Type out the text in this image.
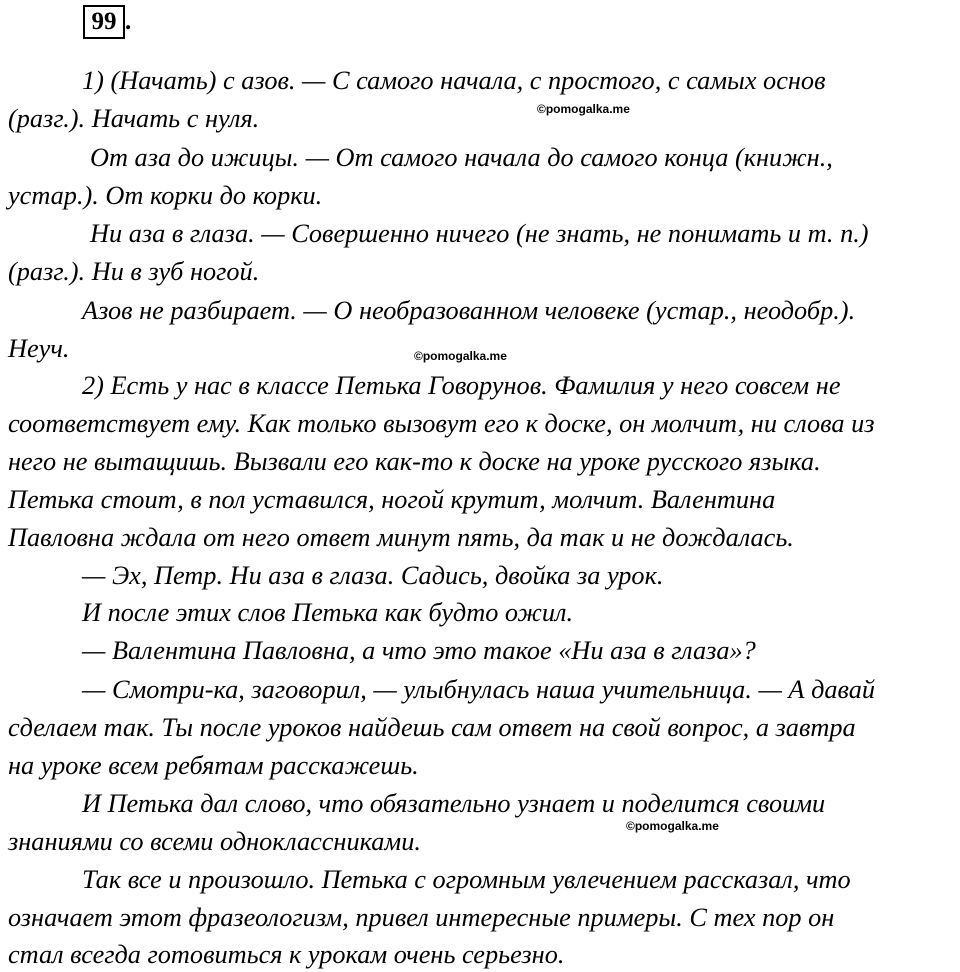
99 .
1) (Начать) с азов. — С самого начала, с простого, с самых основ
(разг.). Начать с нуля.
От аза до ижицы. — От самого начала до самого конца (книжн.,
устар.). От корки до корки.
Ни аза в глаза. — Совершенно ничего (не знать, не понимать и т. п.)
(разг.). Ни в зуб ногой.
Азов не разбирает. — О необразованном человеке (устар., неодобр.).
Неуч.
2) Есть у нас в классе Петька Говорунов. Фамилия у него совсем не
соответствует ему. Как только вызовут его к доске, он молчит, ни слова из
него не вытащишь. Вызвали его как-то к доске на уроке русского языка.
Петька стоит, в пол уставился, ногой крутит, молчит. Валентина
Павловна ждала от него ответ минут пять, да так и не дождалась.
— Эх, Петр. Ни аза в глаза. Садись, двойка за урок.
И после этих слов Петька как будто ожил.
— Валентина Павловна, а что это такое «Ни аза в глаза»?
— Смотри-ка, заговорил, — улыбнулась наша учительница. — А давай
сделаем так. Ты после уроков найдешь сам ответ на свой вопрос, а завтра
на уроке всем ребятам расскажешь.
И Петька дал слово, что обязательно узнает и поделится своими
знаниями со всеми одноклассниками.
Так все и произошло. Петька с огромным увлечением рассказал, что
означает этот фразеологизм, привел интересные примеры. С тех пор он
стал всегда готовиться к урокам очень серьезно.
©pomogalka.me
©pomogalka.me
©pomogalka.me
